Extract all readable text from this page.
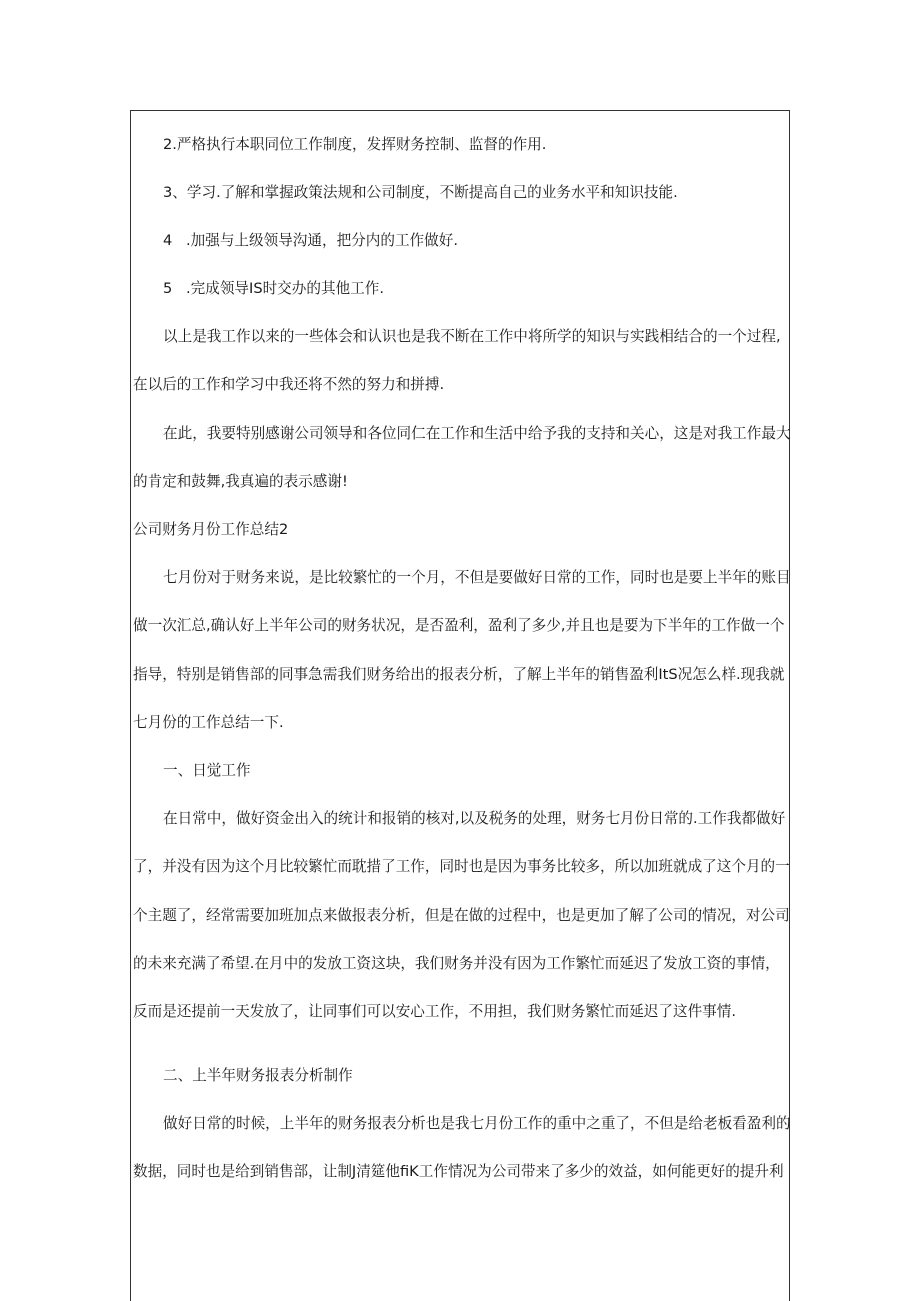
2.严格执行本职同位工作制度，发挥财务控制、监督的作用.
3、学习.了解和掌握政策法规和公司制度，不断提高自己的业务水平和知识技能.
4 .加强与上级领导沟通，把分内的工作做好.
5 .完成领导IS时交办的其他工作.
以上是我工作以来的一些体会和认识也是我不断在工作中将所学的知识与实践相结合的一个过程,
在以后的工作和学习中我还将不然的努力和拼搏.
在此，我要特别感谢公司领导和各位同仁在工作和生活中给予我的支持和关心，这是对我工作最大
的肯定和鼓舞,我真遍的表示感谢!
公司财务月份工作总结2
七月份对于财务来说，是比较繁忙的一个月，不但是要做好日常的工作，同时也是要上半年的账目
做一次汇总,确认好上半年公司的财务状况，是否盈利，盈利了多少,并且也是要为下半年的工作做一个
指导，特别是销售部的同事急需我们财务给出的报表分析，了解上半年的销售盈利ItS况怎么样.现我就
七月份的工作总结一下.
一、日觉工作
在日常中，做好资金出入的统计和报销的核对,以及税务的处理，财务七月份日常的.工作我都做好
了，并没有因为这个月比较繁忙而耽措了工作，同时也是因为事务比较多，所以加班就成了这个月的一
个主题了，经常需要加班加点来做报表分析，但是在做的过程中，也是更加了解了公司的情况，对公司
的未来充满了希望.在月中的发放工资这块，我们财务并没有因为工作繁忙而延迟了发放工资的事情，
反而是还提前一天发放了，让同事们可以安心工作，不用担，我们财务繁忙而延迟了这件事情.
二、上半年财务报表分析制作
做好日常的时候，上半年的财务报表分析也是我七月份工作的重中之重了，不但是给老板看盈利的
数据，同时也是给到销售部，让制J清筵他fiK工作情况为公司带来了多少的效益，如何能更好的提升利
